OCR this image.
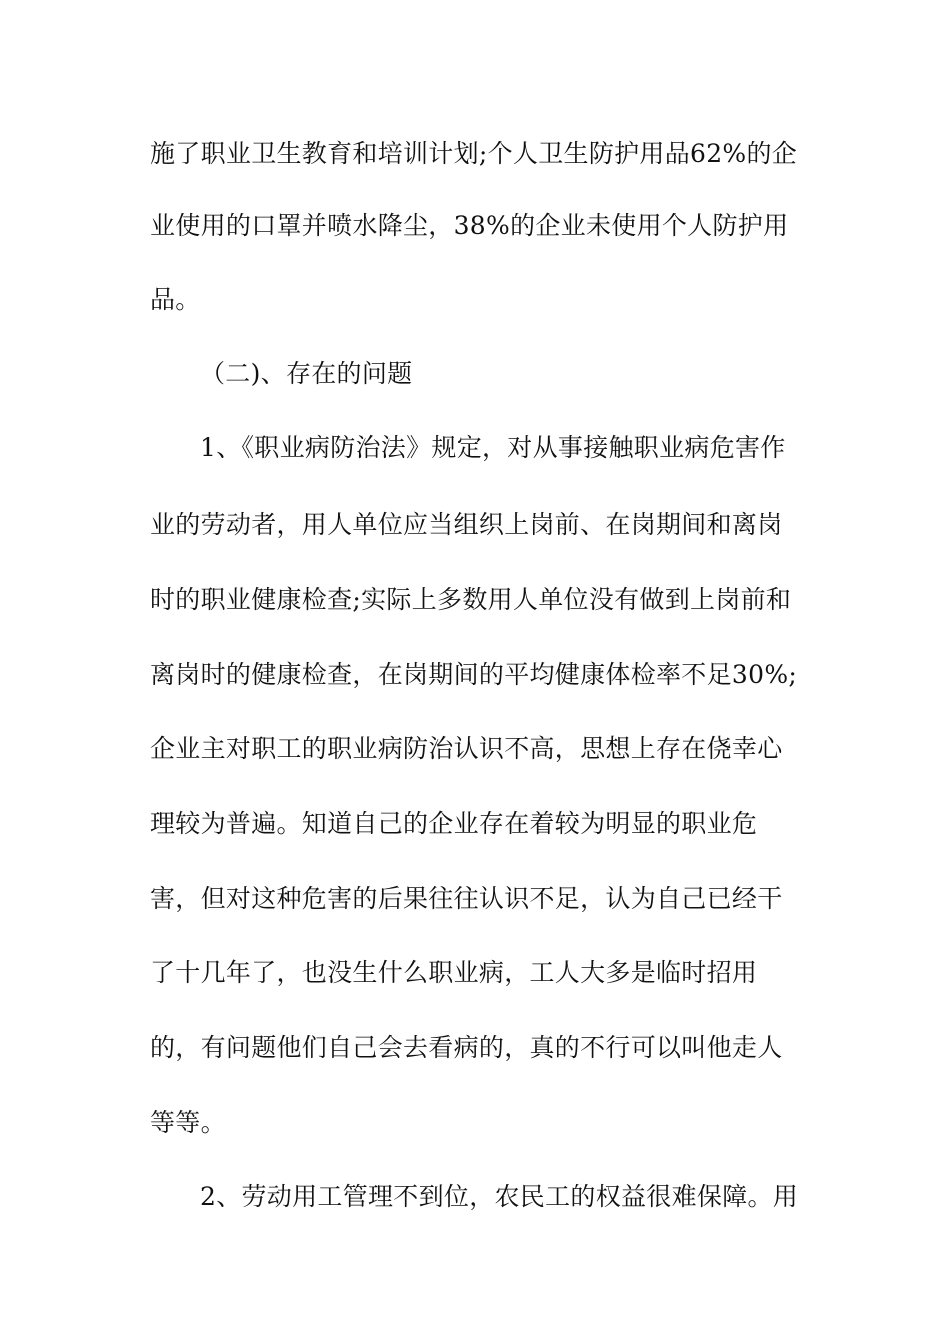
施了职业卫生教育和培训计划;个人卫生防护用品62%的企
业使用的口罩并喷水降尘，38%的企业未使用个人防护用
品。
（二)、存在的问题
1、《职业病防治法》规定，对从事接触职业病危害作
业的劳动者，用人单位应当组织上岗前、在岗期间和离岗
时的职业健康检查;实际上多数用人单位没有做到上岗前和
离岗时的健康检查，在岗期间的平均健康体检率不足30%;
企业主对职工的职业病防治认识不高，思想上存在侥幸心
理较为普遍。知道自己的企业存在着较为明显的职业危
害，但对这种危害的后果往往认识不足，认为自己已经干
了十几年了，也没生什么职业病，工人大多是临时招用
的，有问题他们自己会去看病的，真的不行可以叫他走人
等等。
2、劳动用工管理不到位，农民工的权益很难保障。用
